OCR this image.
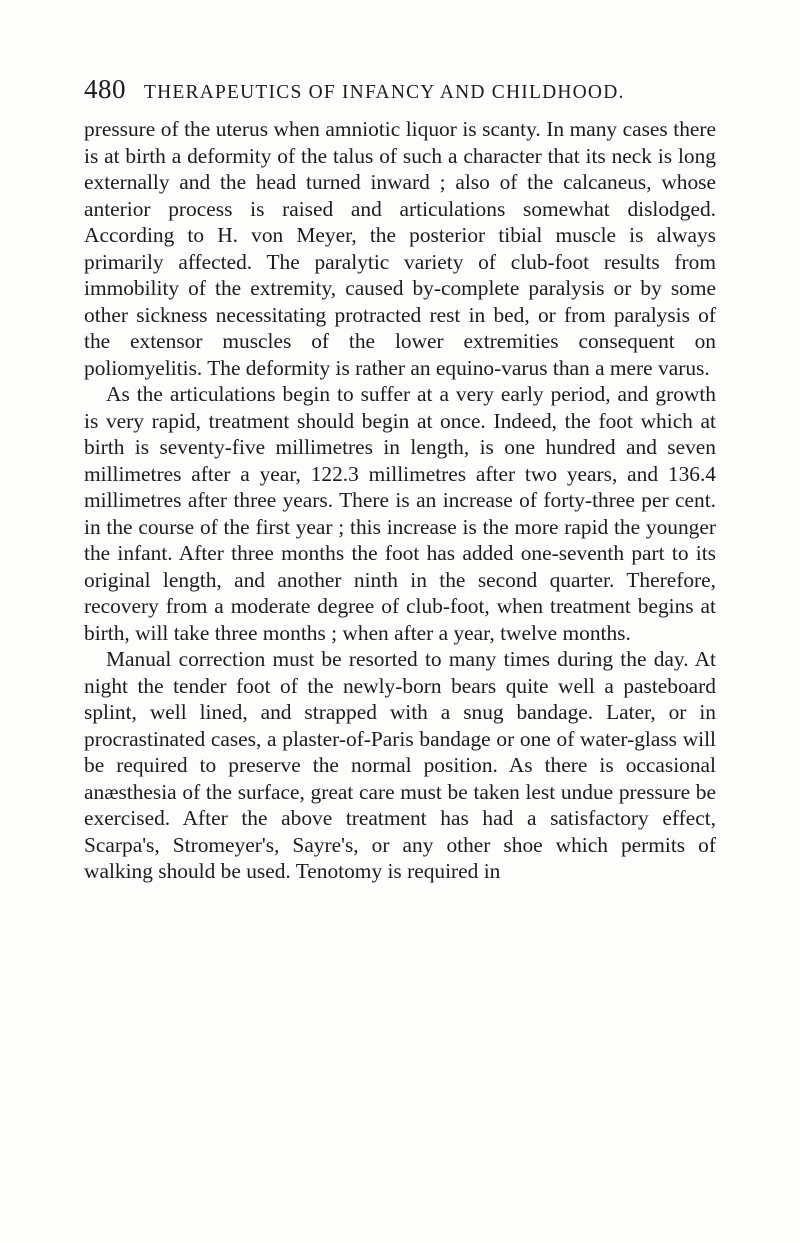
480 THERAPEUTICS OF INFANCY AND CHILDHOOD.

pressure of the uterus when amniotic liquor is scanty. In many cases there is at birth a deformity of the talus of such a character that its neck is long externally and the head turned inward ; also of the calcaneus, whose anterior process is raised and articulations somewhat dislodged. According to H. von Meyer, the posterior tibial muscle is always primarily affected. The paralytic variety of club-foot results from immobility of the extremity, caused by-complete paralysis or by some other sickness necessitating protracted rest in bed, or from paralysis of the extensor muscles of the lower extremities consequent on poliomyelitis. The deformity is rather an equino-varus than a mere varus.

As the articulations begin to suffer at a very early period, and growth is very rapid, treatment should begin at once. Indeed, the foot which at birth is seventy-five millimetres in length, is one hundred and seven millimetres after a year, 122.3 millimetres after two years, and 136.4 millimetres after three years. There is an increase of forty-three per cent. in the course of the first year ; this increase is the more rapid the younger the infant. After three months the foot has added one-seventh part to its original length, and another ninth in the second quarter. Therefore, recovery from a moderate degree of club-foot, when treatment begins at birth, will take three months ; when after a year, twelve months.

Manual correction must be resorted to many times during the day. At night the tender foot of the newly-born bears quite well a pasteboard splint, well lined, and strapped with a snug bandage. Later, or in procrastinated cases, a plaster-of-Paris bandage or one of water-glass will be required to preserve the normal position. As there is occasional anæsthesia of the surface, great care must be taken lest undue pressure be exercised. After the above treatment has had a satisfactory effect, Scarpa's, Stromeyer's, Sayre's, or any other shoe which permits of walking should be used. Tenotomy is required in
